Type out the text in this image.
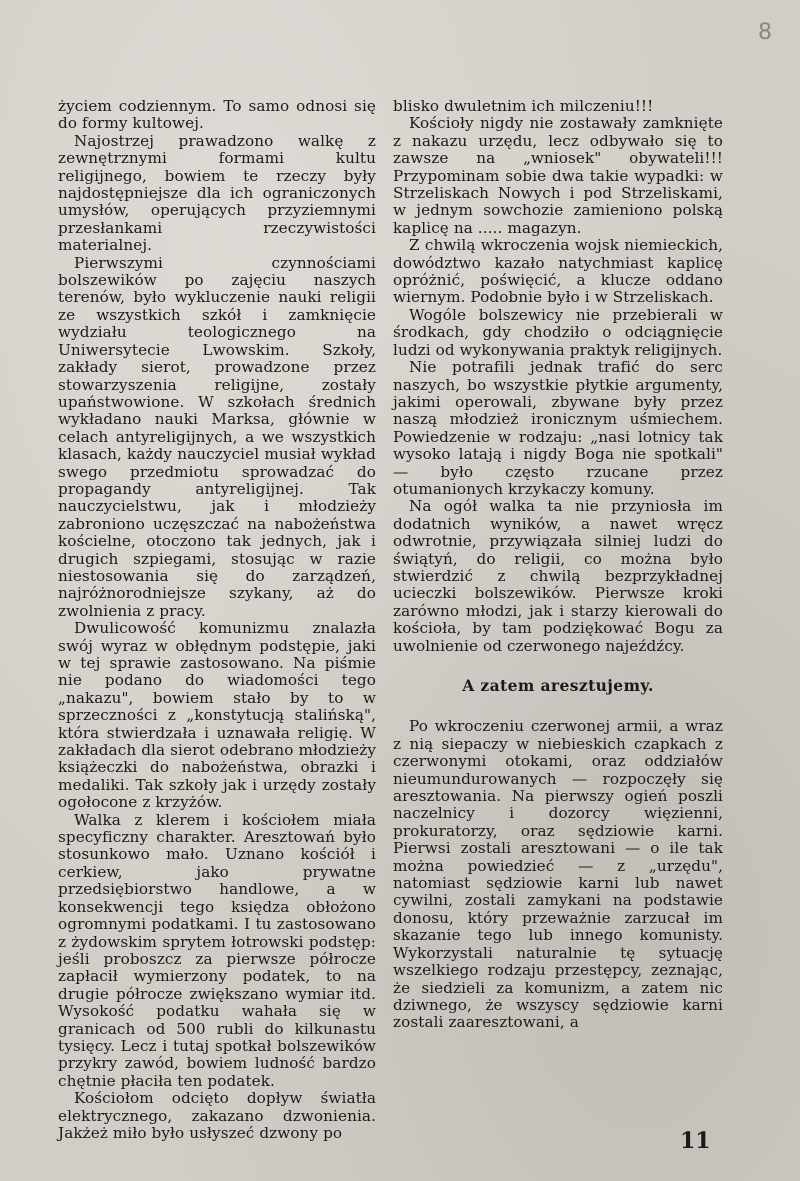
8

życiem codziennym. To samo odnosi się do formy kultowej.

Najostrzej prawadzono walkę z zewnętrznymi formami kultu religijnego, bowiem te rzeczy były najdostępniejsze dla ich ograniczonych umysłów, operujących przyziemnymi przesłankami rzeczywistości materialnej.

Pierwszymi czynnościami bolszewików po zajęciu naszych terenów, było wykluczenie nauki religii ze wszystkich szkół i zamknięcie wydziału teologicznego na Uniwersytecie Lwowskim. Szkoły, zakłady sierot, prowadzone przez stowarzyszenia religijne, zostały upaństwowione. W szkołach średnich wykładano nauki Marksa, głównie w celach antyreligijnych, a we wszystkich klasach, każdy nauczyciel musiał wykład swego przedmiotu sprowadzać do propagandy antyreligijnej. Tak nauczycielstwu, jak i młodzieży zabroniono uczęszczać na nabożeństwa kościelne, otoczono tak jednych, jak i drugich szpiegami, stosując w razie niestosowania się do zarządzeń, najróżnorodniejsze szykany, aż do zwolnienia z pracy.

Dwulicowość komunizmu znalazła swój wyraz w obłędnym podstępie, jaki w tej sprawie zastosowano. Na piśmie nie podano do wiadomości tego „nakazu", bowiem stało by to w sprzeczności z „konstytucją stalińską", która stwierdzała i uznawała religię. W zakładach dla sierot odebrano młodzieży książeczki do nabożeństwa, obrazki i medaliki. Tak szkoły jak i urzędy zostały ogołocone z krzyżów.

Walka z klerem i kościołem miała specyficzny charakter. Aresztowań było stosunkowo mało. Uznano kościół i cerkiew, jako prywatne przedsiębiorstwo handlowe, a w konsekwencji tego księdza obłożono ogromnymi podatkami. I tu zastosowano z żydowskim sprytem łotrowski podstęp: jeśli proboszcz za pierwsze półrocze zapłacił wymierzony podatek, to na drugie półrocze zwiększano wymiar itd. Wysokość podatku wahała się w granicach od 500 rubli do kilkunastu tysięcy. Lecz i tutaj spotkał bolszewików przykry zawód, bowiem ludność bardzo chętnie płaciła ten podatek.

Kościołom odcięto dopływ światła elektrycznego, zakazano dzwonienia. Jakżeż miło było usłyszeć dzwony po

blisko dwuletnim ich milczeniu!!!

Kościoły nigdy nie zostawały zamknięte z nakazu urzędu, lecz odbywało się to zawsze na „wniosek" obywateli!!! Przypominam sobie dwa takie wypadki: w Strzeliskach Nowych i pod Strzeliskami, w jednym sowchozie zamieniono polską kaplicę na ..... magazyn.

Z chwilą wkroczenia wojsk niemieckich, dowództwo kazało natychmiast kaplicę opróżnić, poświęcić, a klucze oddano wiernym. Podobnie było i w Strzeliskach.

Wogóle bolszewicy nie przebierali w środkach, gdy chodziło o odciągnięcie ludzi od wykonywania praktyk religijnych.

Nie potrafili jednak trafić do serc naszych, bo wszystkie płytkie argumenty, jakimi operowali, zbywane były przez naszą młodzież ironicznym uśmiechem. Powiedzenie w rodzaju: „nasi lotnicy tak wysoko latają i nigdy Boga nie spotkali" — było często rzucane przez otumanionych krzykaczy komuny.

Na ogół walka ta nie przyniosła im dodatnich wyników, a nawet wręcz odwrotnie, przywiązała silniej ludzi do świątyń, do religii, co można było stwierdzić z chwilą bezprzykładnej ucieczki bolszewików. Pierwsze kroki zarówno młodzi, jak i starzy kierowali do kościoła, by tam podziękować Bogu za uwolnienie od czerwonego najeźdźcy.

A zatem aresztujemy.

Po wkroczeniu czerwonej armii, a wraz z nią siepaczy w niebieskich czapkach z czerwonymi otokami, oraz oddziałów nieumundurowanych — rozpoczęły się aresztowania. Na pierwszy ogień poszli naczelnicy i dozorcy więzienni, prokuratorzy, oraz sędziowie karni. Pierwsi zostali aresztowani — o ile tak można powiedzieć — z „urzędu", natomiast sędziowie karni lub nawet cywilni, zostali zamykani na podstawie donosu, który przeważnie zarzucał im skazanie tego lub innego komunisty. Wykorzystali naturalnie tę sytuację wszelkiego rodzaju przestępcy, zeznając, że siedzieli za komunizm, a zatem nic dziwnego, że wszyscy sędziowie karni zostali zaaresztowani, a

11
